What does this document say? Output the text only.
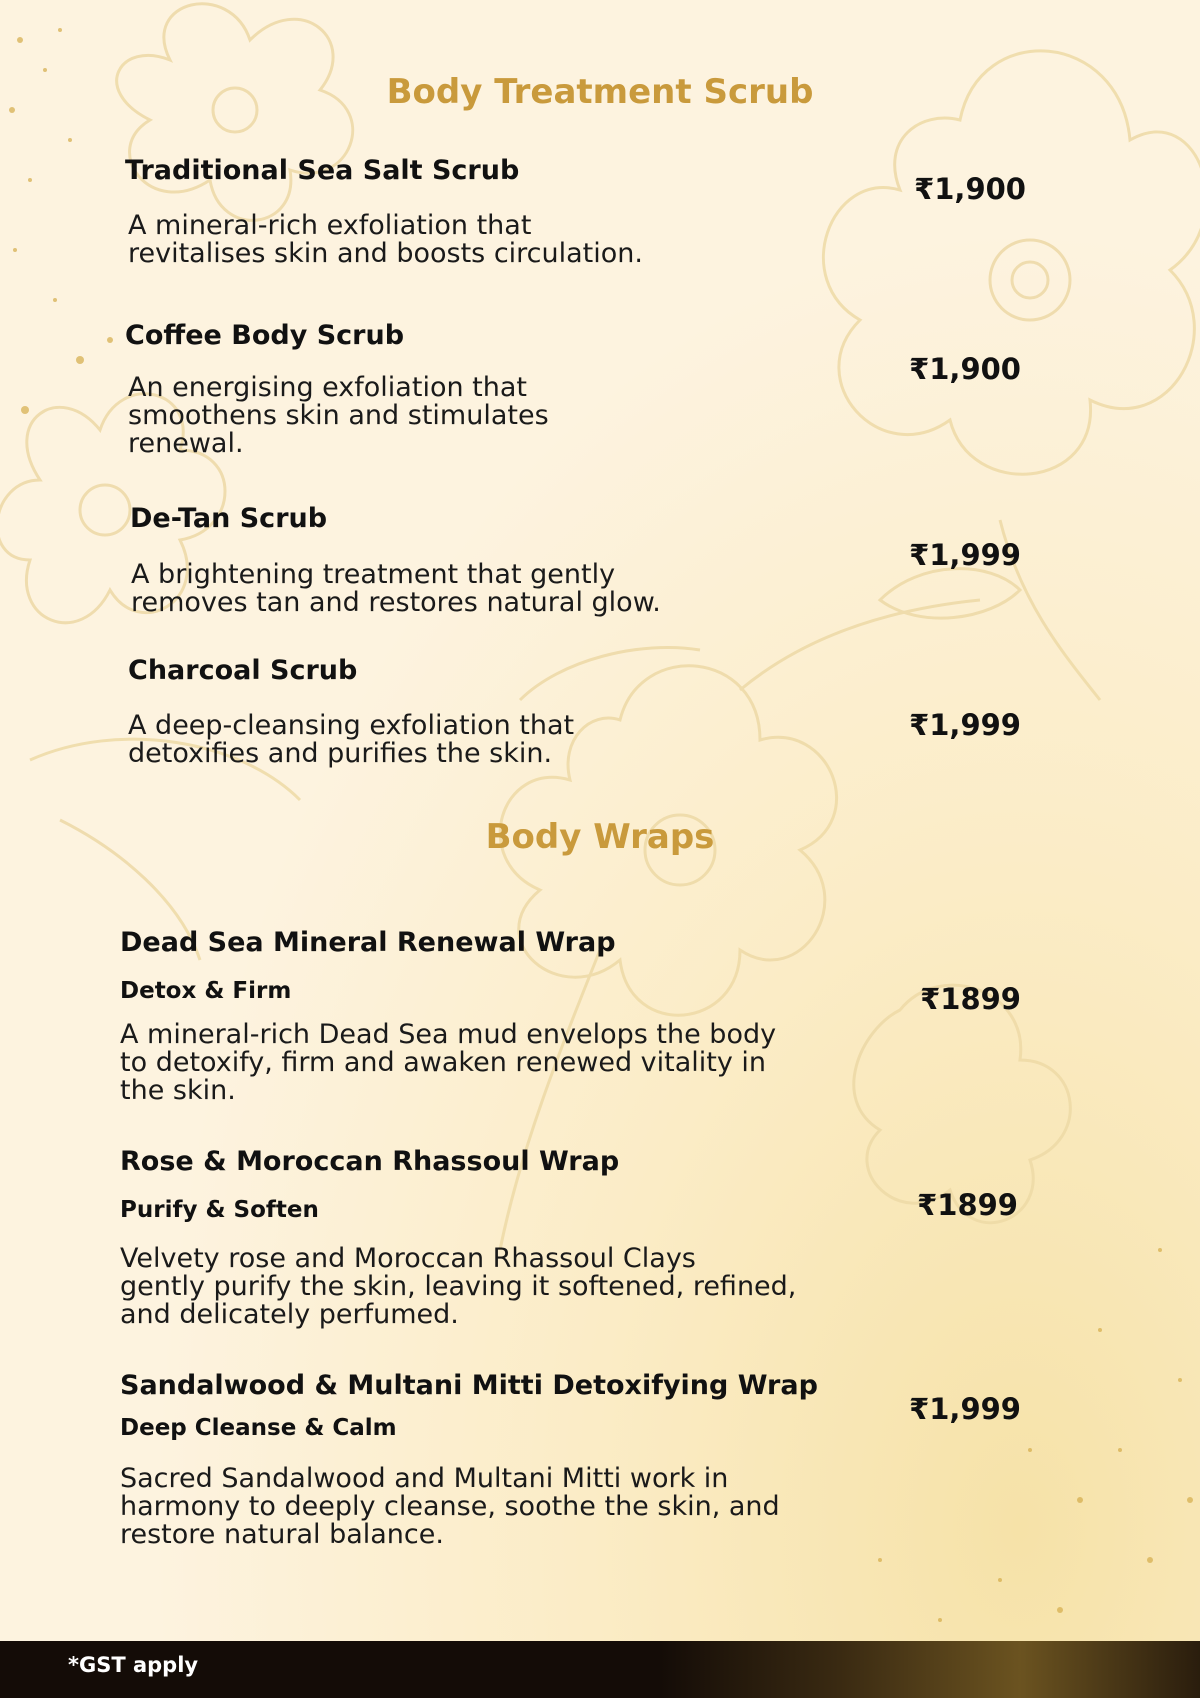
Body Treatment Scrub
Traditional Sea Salt Scrub
A mineral-rich exfoliation that
revitalises skin and boosts circulation.
₹1,900
Coffee Body Scrub
An energising exfoliation that
smoothens skin and stimulates
renewal.
₹1,900
De-Tan Scrub
A brightening treatment that gently
removes tan and restores natural glow.
₹1,999
Charcoal Scrub
A deep-cleansing exfoliation that
detoxifies and purifies the skin.
₹1,999
Body Wraps
Dead Sea Mineral Renewal Wrap
Detox & Firm
A mineral-rich Dead Sea mud envelops the body
to detoxify, firm and awaken renewed vitality in
the skin.
₹1899
Rose & Moroccan Rhassoul Wrap
Purify & Soften
Velvety rose and Moroccan Rhassoul Clays
gently purify the skin, leaving it softened, refined,
and delicately perfumed.
₹1899
Sandalwood & Multani Mitti Detoxifying Wrap
Deep Cleanse & Calm
Sacred Sandalwood and Multani Mitti work in
harmony to deeply cleanse, soothe the skin, and
restore natural balance.
₹1,999
*GST apply
